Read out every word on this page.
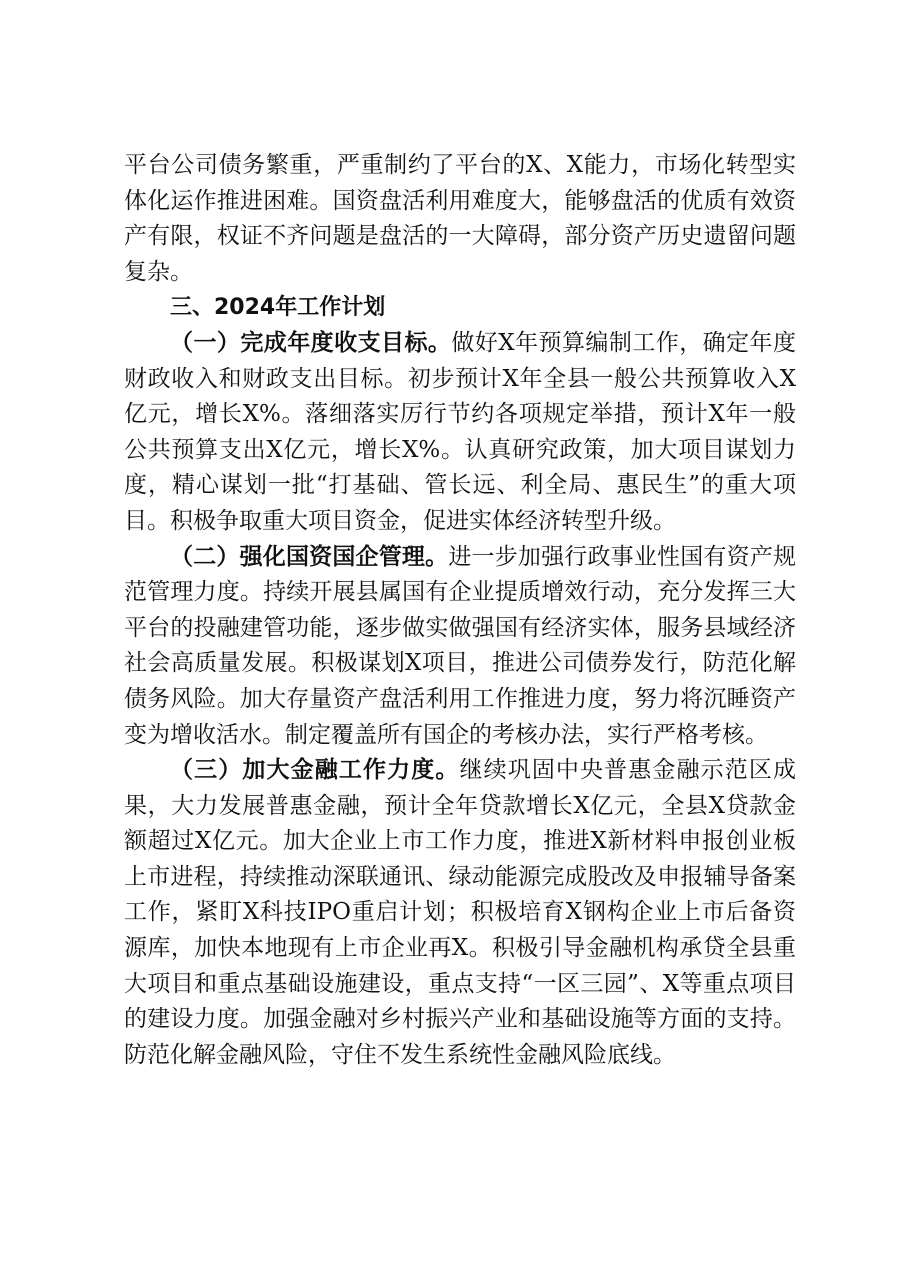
平台公司债务繁重，严重制约了平台的X、X能力，市场化转型实体化运作推进困难。国资盘活利用难度大，能够盘活的优质有效资产有限，权证不齐问题是盘活的一大障碍，部分资产历史遗留问题复杂。

三、2024年工作计划

（一）完成年度收支目标。做好X年预算编制工作，确定年度财政收入和财政支出目标。初步预计X年全县一般公共预算收入X亿元，增长X%。落细落实厉行节约各项规定举措，预计X年一般公共预算支出X亿元，增长X%。认真研究政策，加大项目谋划力度，精心谋划一批“打基础、管长远、利全局、惠民生”的重大项目。积极争取重大项目资金，促进实体经济转型升级。

（二）强化国资国企管理。进一步加强行政事业性国有资产规范管理力度。持续开展县属国有企业提质增效行动，充分发挥三大平台的投融建管功能，逐步做实做强国有经济实体，服务县域经济社会高质量发展。积极谋划X项目，推进公司债券发行，防范化解债务风险。加大存量资产盘活利用工作推进力度，努力将沉睡资产变为增收活水。制定覆盖所有国企的考核办法，实行严格考核。

（三）加大金融工作力度。继续巩固中央普惠金融示范区成果，大力发展普惠金融，预计全年贷款增长X亿元，全县X贷款金额超过X亿元。加大企业上市工作力度，推进X新材料申报创业板上市进程，持续推动深联通讯、绿动能源完成股改及申报辅导备案工作，紧盯X科技IPO重启计划；积极培育X钢构企业上市后备资源库，加快本地现有上市企业再X。积极引导金融机构承贷全县重大项目和重点基础设施建设，重点支持“一区三园”、X等重点项目的建设力度。加强金融对乡村振兴产业和基础设施等方面的支持。防范化解金融风险，守住不发生系统性金融风险底线。
